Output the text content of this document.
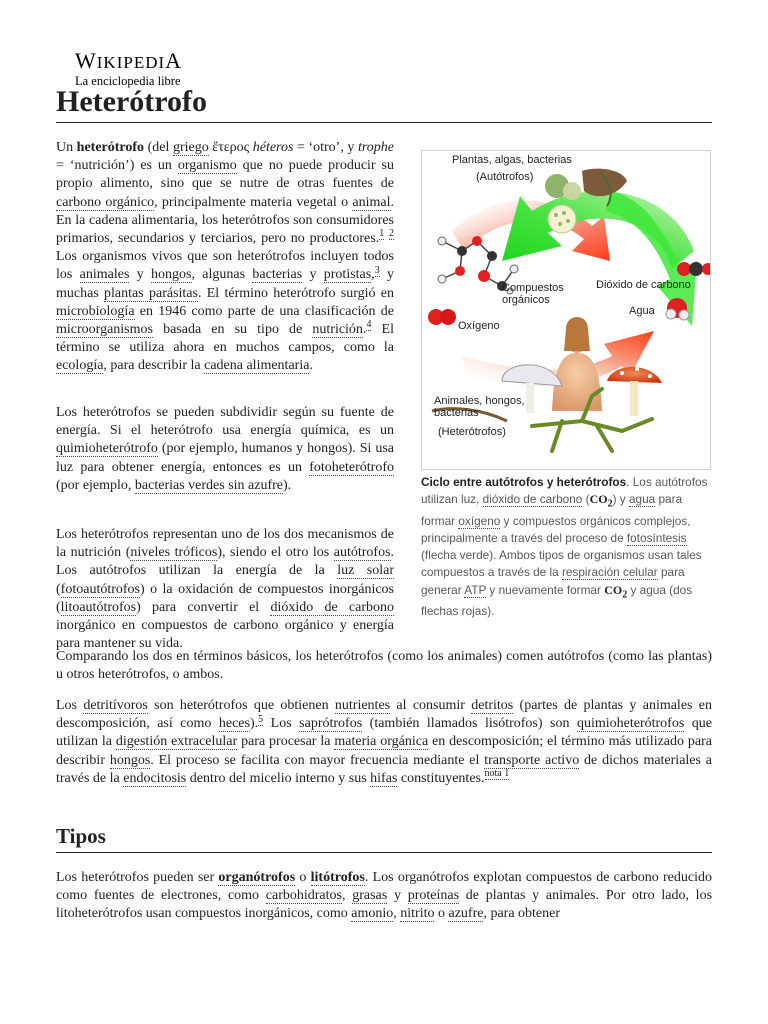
WIKIPEDIA
La enciclopedia libre
Heterótrofo

Un heterótrofo (del griego ἕτερος héteros = ‘otro’, y trophe = ‘nutrición’) es un organismo que no puede producir su propio alimento, sino que se nutre de otras fuentes de carbono orgánico, principalmente materia vegetal o animal. En la cadena alimentaria, los heterótrofos son consumidores primarios, secundarios y terciarios, pero no productores.$^1$ $^2$ Los organismos vivos que son heterótrofos incluyen todos los animales y hongos, algunas bacterias y protistas,$^3$ y muchas plantas parásitas. El término heterótrofo surgió en microbiología en 1946 como parte de una clasificación de microorganismos basada en su tipo de nutrición.$^4$ El término se utiliza ahora en muchos campos, como la ecología, para describir la cadena alimentaria.

Los heterótrofos se pueden subdividir según su fuente de energía. Si el heterótrofo usa energía química, es un quimioheterótrofo (por ejemplo, humanos y hongos). Si usa luz para obtener energía, entonces es un fotoheterótrofo (por ejemplo, bacterias verdes sin azufre).

Los heterótrofos representan uno de los dos mecanismos de la nutrición (niveles tróficos), siendo el otro los autótrofos. Los autótrofos utilizan la energía de la luz solar (fotoautótrofos) o la oxidación de compuestos inorgánicos (litoautótrofos) para convertir el dióxido de carbono inorgánico en compuestos de carbono orgánico y energía para mantener su vida.

Comparando los dos en términos básicos, los heterótrofos (como los animales) comen autótrofos (como las plantas) u otros heterótrofos, o ambos.

Plantas, algas, bacterias
(Autótrofos)
Compuestos
orgánicos
Dióxido de carbono
Oxígeno
Agua
Animales, hongos,
bacterias
(Heterótrofos)
Ciclo entre autótrofos y heterótrofos. Los autótrofos utilizan luz, dióxido de carbono $(CO_2)$ y agua para formar oxígeno y compuestos orgánicos complejos, principalmente a través del proceso de fotosíntesis (flecha verde). Ambos tipos de organismos usan tales compuestos a través de la respiración celular para generar ATP y nuevamente formar $CO_2$ y agua (dos flechas rojas).

Los detritívoros son heterótrofos que obtienen nutrientes al consumir detritos (partes de plantas y animales en descomposición, así como heces).$^5$ Los saprótrofos (también llamados lisótrofos) son quimioheterótrofos que utilizan la digestión extracelular para procesar la materia orgánica en descomposición; el término más utilizado para describir hongos. El proceso se facilita con mayor frecuencia mediante el transporte activo de dichos materiales a través de la endocitosis dentro del micelio interno y sus hifas constituyentes.$^{nota 1}$

Tipos

Los heterótrofos pueden ser organótrofos o litótrofos. Los organótrofos explotan compuestos de carbono reducido como fuentes de electrones, como carbohidratos, grasas y proteínas de plantas y animales. Por otro lado, los litoheterótrofos usan compuestos inorgánicos, como amonio, nitrito o azufre, para obtener
